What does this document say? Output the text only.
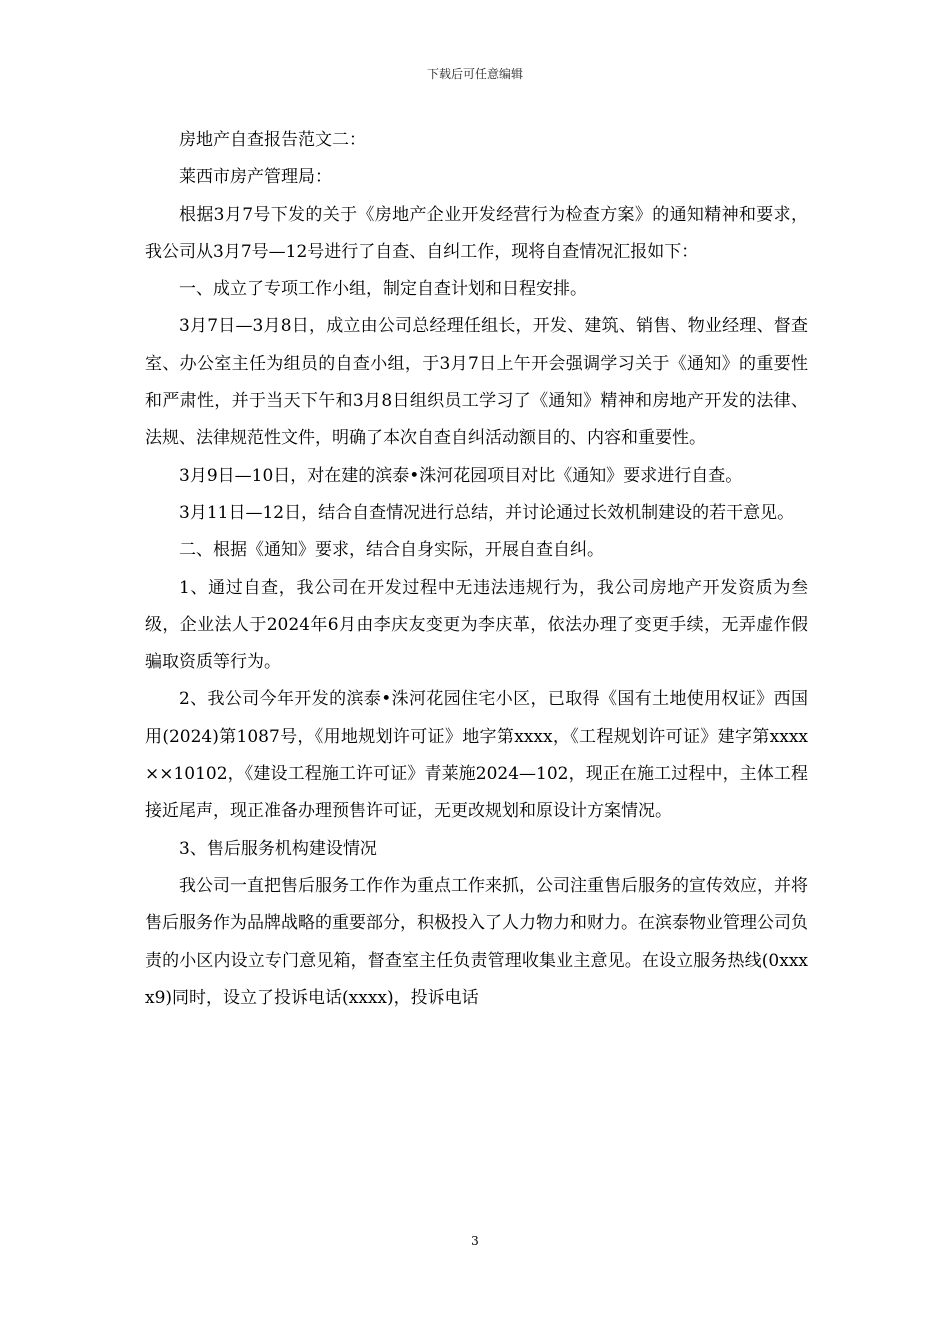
下载后可任意编辑

房地产自查报告范文二：

莱西市房产管理局：

根据3月7号下发的关于《房地产企业开发经营行为检查方案》的通知精神和要求，我公司从3月7号—12号进行了自查、自纠工作，现将自查情况汇报如下：

一、成立了专项工作小组，制定自查计划和日程安排。

3月7日—3月8日，成立由公司总经理任组长，开发、建筑、销售、物业经理、督查室、办公室主任为组员的自查小组，于3月7日上午开会强调学习关于《通知》的重要性和严肃性，并于当天下午和3月8日组织员工学习了《通知》精神和房地产开发的法律、法规、法律规范性文件，明确了本次自查自纠活动额目的、内容和重要性。

3月9日—10日，对在建的滨泰•洙河花园项目对比《通知》要求进行自查。

3月11日—12日，结合自查情况进行总结，并讨论通过长效机制建设的若干意见。

二、根据《通知》要求，结合自身实际，开展自查自纠。

1、通过自查，我公司在开发过程中无违法违规行为，我公司房地产开发资质为叁级，企业法人于2024年6月由李庆友变更为李庆革，依法办理了变更手续，无弄虚作假骗取资质等行为。

2、我公司今年开发的滨泰•洙河花园住宅小区，已取得《国有土地使用权证》西国用(2024)第1087号，《用地规划许可证》地字第xxxx，《工程规划许可证》建字第xxxx××10102，《建设工程施工许可证》青莱施2024—102，现正在施工过程中，主体工程接近尾声，现正准备办理预售许可证，无更改规划和原设计方案情况。

3、售后服务机构建设情况

我公司一直把售后服务工作作为重点工作来抓，公司注重售后服务的宣传效应，并将售后服务作为品牌战略的重要部分，积极投入了人力物力和财力。在滨泰物业管理公司负责的小区内设立专门意见箱，督查室主任负责管理收集业主意见。在设立服务热线(0xxxx9)同时，设立了投诉电话(xxxx)，投诉电话

3
